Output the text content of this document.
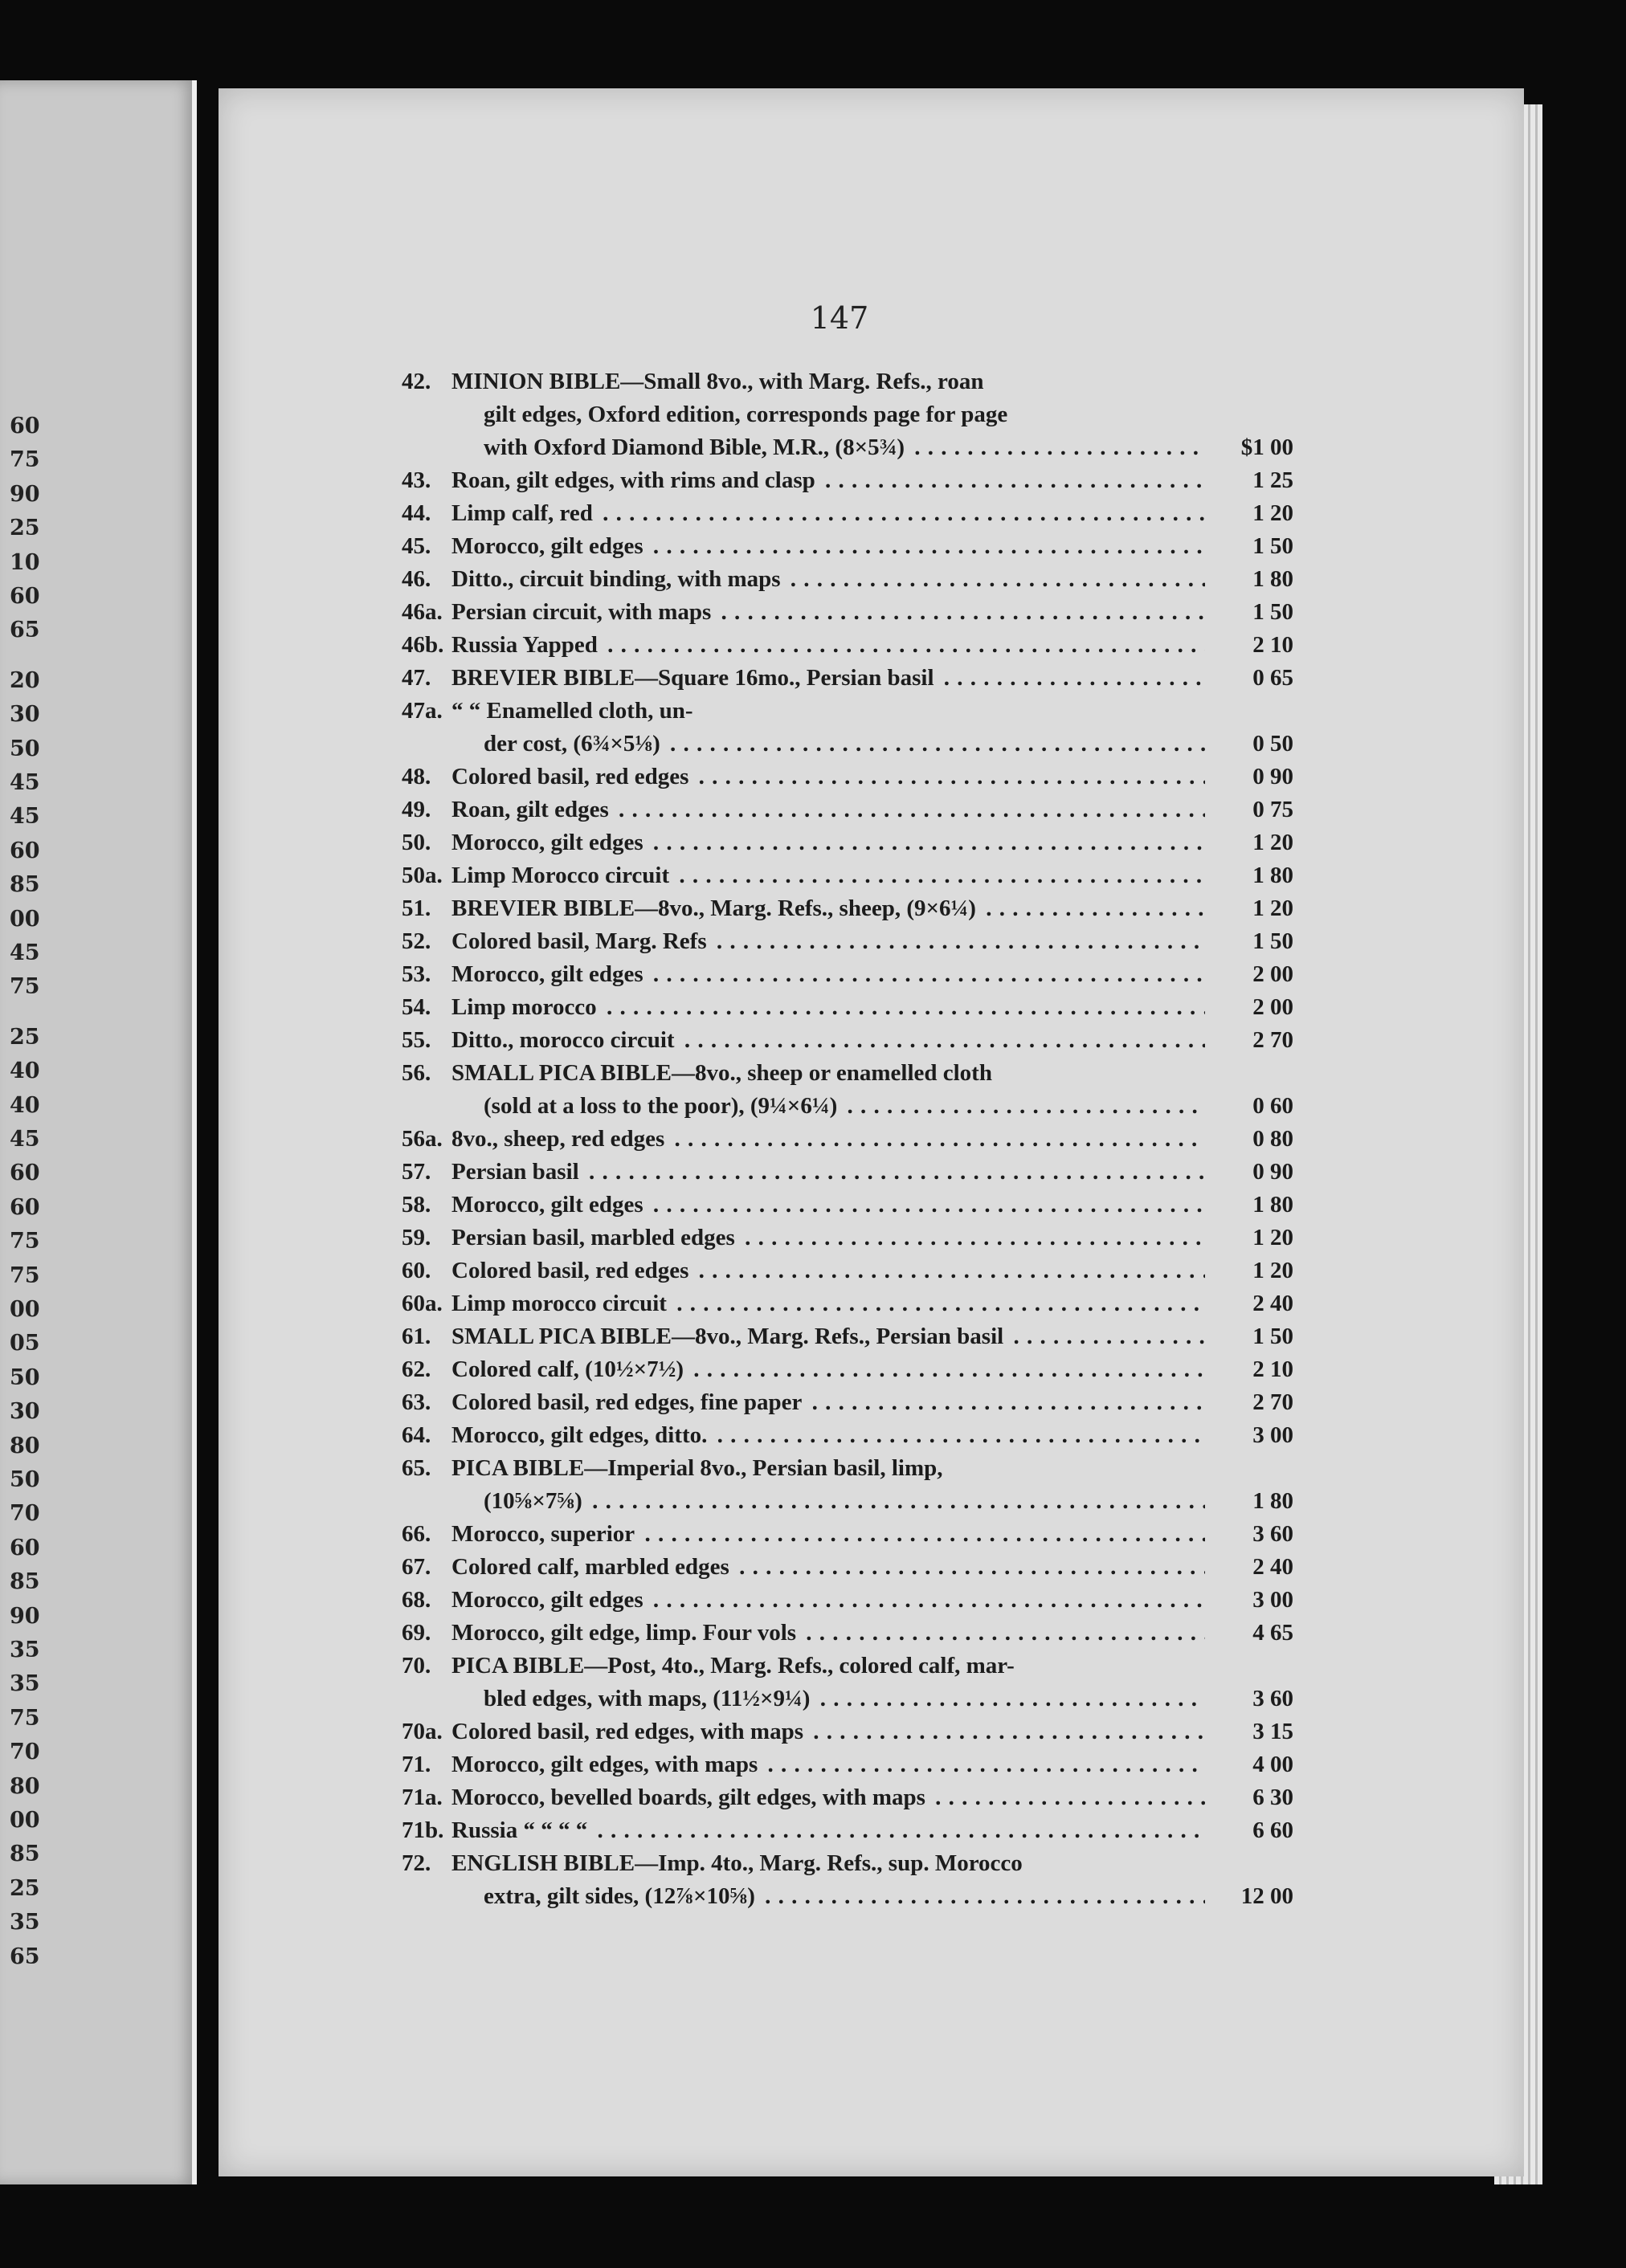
60
75
90
25
10
60
65
20
30
50
45
45
60
85
00
45
75
25
40
40
45
60
60
75
75
00
05
50
30
80
50
70
60
85
90
35
35
75
70
80
00
85
25
35
65
147
42. MINION BIBLE—Small 8vo., with Marg. Refs., roan
gilt edges, Oxford edition, corresponds page for page
with Oxford Diamond Bible, M.R., (8×5¾) . . .	$1 00
43. Roan, gilt edges, with rims and clasp . . .	1 25
44. Limp calf, red . . .	1 20
45. Morocco, gilt edges . . .	1 50
46. Ditto., circuit binding, with maps . . .	1 80
46a. Persian circuit, with maps . . .	1 50
46b. Russia Yapped . . .	2 10
47. BREVIER BIBLE—Square 16mo., Persian basil . . .	0 65
47a. “ “ Enamelled cloth, un-
der cost, (6¾×5⅛) . . .	0 50
48. Colored basil, red edges . . .	0 90
49. Roan, gilt edges . . .	0 75
50. Morocco, gilt edges . . .	1 20
50a. Limp Morocco circuit . . .	1 80
51. BREVIER BIBLE—8vo., Marg. Refs., sheep, (9×6¼) . . .	1 20
52. Colored basil, Marg. Refs . . .	1 50
53. Morocco, gilt edges . . .	2 00
54. Limp morocco . . .	2 00
55. Ditto., morocco circuit . . .	2 70
56. SMALL PICA BIBLE—8vo., sheep or enamelled cloth
(sold at a loss to the poor), (9¼×6¼) . . .	0 60
56a. 8vo., sheep, red edges . . .	0 80
57. Persian basil . . .	0 90
58. Morocco, gilt edges . . .	1 80
59. Persian basil, marbled edges . . .	1 20
60. Colored basil, red edges . . .	1 20
60a. Limp morocco circuit . . .	2 40
61. SMALL PICA BIBLE—8vo., Marg. Refs., Persian basil . . .	1 50
62. Colored calf, (10½×7½) . . .	2 10
63. Colored basil, red edges, fine paper . . .	2 70
64. Morocco, gilt edges, ditto. . . .	3 00
65. PICA BIBLE—Imperial 8vo., Persian basil, limp,
(10⅝×7⅝) . . .	1 80
66. Morocco, superior . . .	3 60
67. Colored calf, marbled edges . . .	2 40
68. Morocco, gilt edges . . .	3 00
69. Morocco, gilt edge, limp. Four vols . . .	4 65
70. PICA BIBLE—Post, 4to., Marg. Refs., colored calf, mar-
bled edges, with maps, (11½×9¼) . . .	3 60
70a. Colored basil, red edges, with maps . . .	3 15
71. Morocco, gilt edges, with maps . . .	4 00
71a. Morocco, bevelled boards, gilt edges, with maps . . .	6 30
71b. Russia “ “ “ “ . . .	6 60
72. ENGLISH BIBLE—Imp. 4to., Marg. Refs., sup. Morocco
extra, gilt sides, (12⅞×10⅝) . . .	12 00
